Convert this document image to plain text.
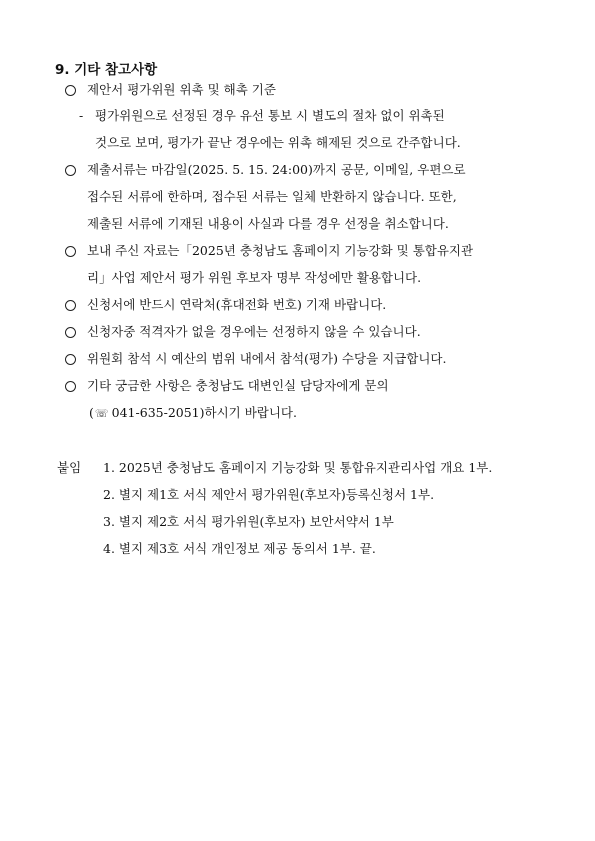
9. 기타 참고사항
제안서 평가위원 위촉 및 해촉 기준
- 평가위원으로 선정된 경우 유선 통보 시 별도의 절차 없이 위촉된
것으로 보며, 평가가 끝난 경우에는 위촉 해제된 것으로 간주합니다.
제출서류는 마감일(2025. 5. 15. 24:00)까지 공문, 이메일, 우편으로
접수된 서류에 한하며, 접수된 서류는 일체 반환하지 않습니다. 또한,
제출된 서류에 기재된 내용이 사실과 다를 경우 선정을 취소합니다.
보내 주신 자료는「2025년 충청남도 홈페이지 기능강화 및 통합유지관
리」사업 제안서 평가 위원 후보자 명부 작성에만 활용합니다.
신청서에 반드시 연락처(휴대전화 번호) 기재 바랍니다.
신청자중 적격자가 없을 경우에는 선정하지 않을 수 있습니다.
위원회 참석 시 예산의 범위 내에서 참석(평가) 수당을 지급합니다.
기타 궁금한 사항은 충청남도 대변인실 담당자에게 문의
(☏ 041-635-2051)하시기 바랍니다.
붙임 1. 2025년 충청남도 홈페이지 기능강화 및 통합유지관리사업 개요 1부.
2. 별지 제1호 서식 제안서 평가위원(후보자)등록신청서 1부.
3. 별지 제2호 서식 평가위원(후보자) 보안서약서 1부
4. 별지 제3호 서식 개인정보 제공 동의서 1부. 끝.
